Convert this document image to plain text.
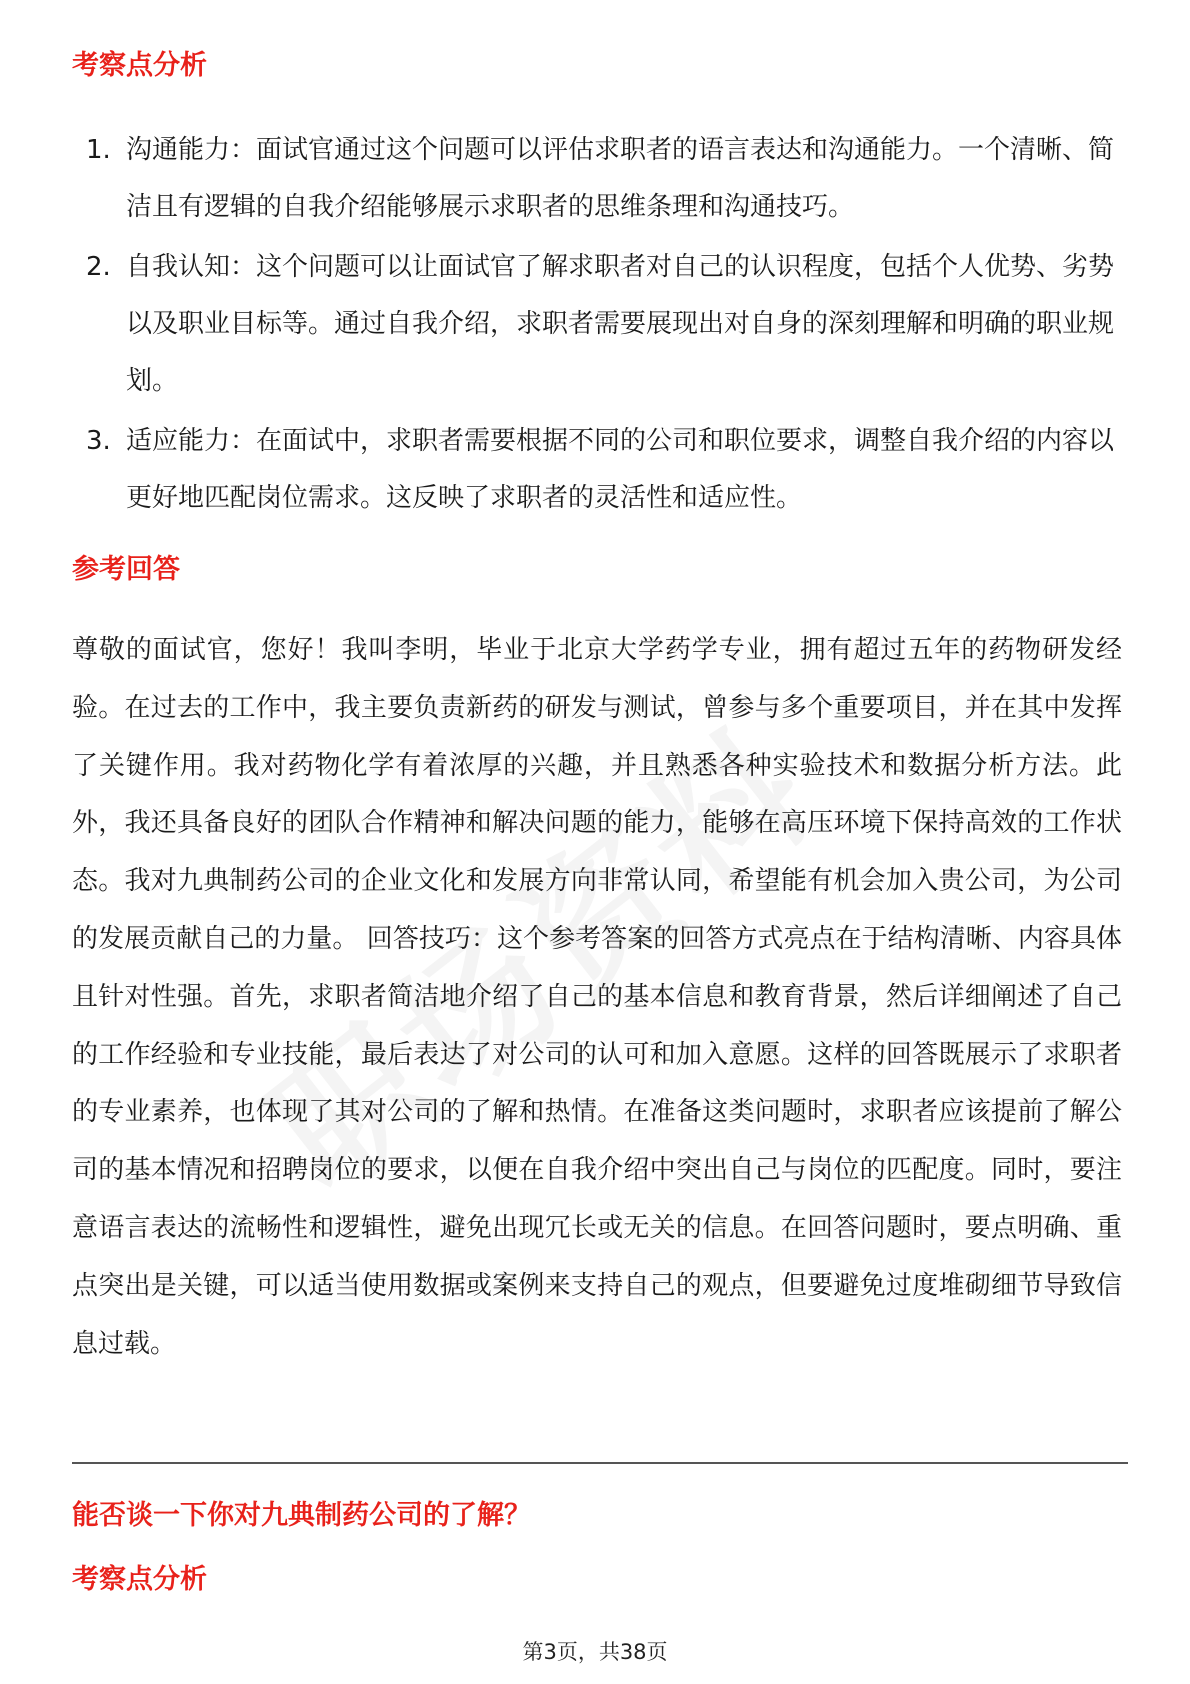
考察点分析
1. 沟通能力：面试官通过这个问题可以评估求职者的语言表达和沟通能力。一个清晰、简洁且有逻辑的自我介绍能够展示求职者的思维条理和沟通技巧。
2. 自我认知：这个问题可以让面试官了解求职者对自己的认识程度，包括个人优势、劣势以及职业目标等。通过自我介绍，求职者需要展现出对自身的深刻理解和明确的职业规划。
3. 适应能力：在面试中，求职者需要根据不同的公司和职位要求，调整自我介绍的内容以更好地匹配岗位需求。这反映了求职者的灵活性和适应性。
参考回答

尊敬的面试官，您好！我叫李明，毕业于北京大学药学专业，拥有超过五年的药物研发经验。在过去的工作中，我主要负责新药的研发与测试，曾参与多个重要项目，并在其中发挥了关键作用。我对药物化学有着浓厚的兴趣，并且熟悉各种实验技术和数据分析方法。此外，我还具备良好的团队合作精神和解决问题的能力，能够在高压环境下保持高效的工作状态。我对九典制药公司的企业文化和发展方向非常认同，希望能有机会加入贵公司，为公司的发展贡献自己的力量。 回答技巧：这个参考答案的回答方式亮点在于结构清晰、内容具体且针对性强。首先，求职者简洁地介绍了自己的基本信息和教育背景，然后详细阐述了自己的工作经验和专业技能，最后表达了对公司的认可和加入意愿。这样的回答既展示了求职者的专业素养，也体现了其对公司的了解和热情。在准备这类问题时，求职者应该提前了解公司的基本情况和招聘岗位的要求，以便在自我介绍中突出自己与岗位的匹配度。同时，要注意语言表达的流畅性和逻辑性，避免出现冗长或无关的信息。在回答问题时，要点明确、重点突出是关键，可以适当使用数据或案例来支持自己的观点，但要避免过度堆砌细节导致信息过载。

能否谈一下你对九典制药公司的了解？
考察点分析
第3页，共38页
